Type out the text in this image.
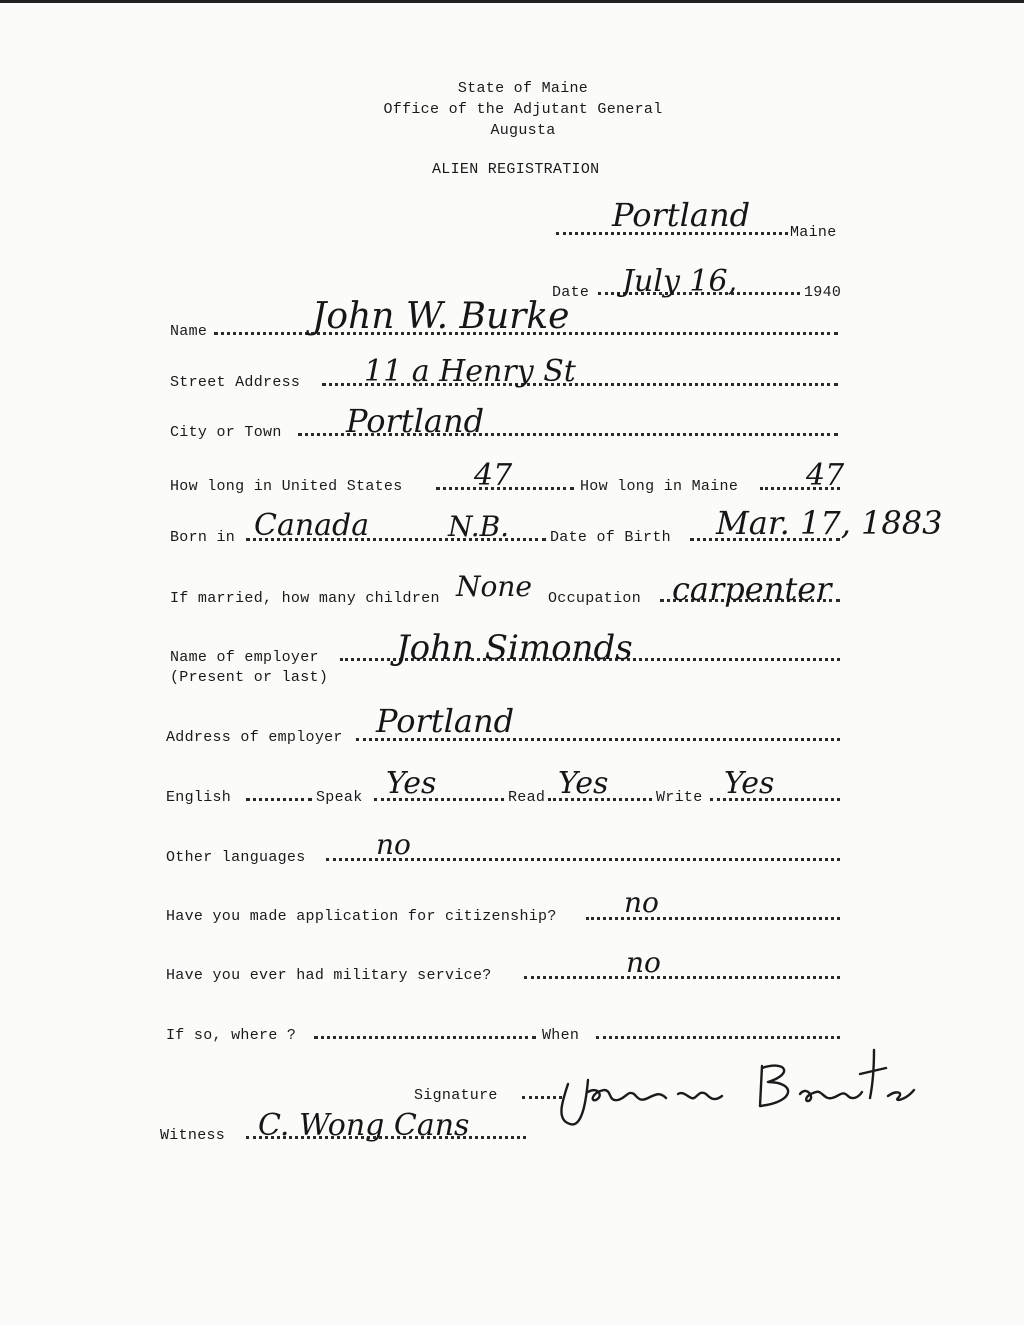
State of Maine
Office of the Adjutant General
Augusta
ALIEN REGISTRATION
Portland	Maine
Date July 16,	1940
Name	John W. Burke
Street Address 11 a Henry St
City or Town Portland
How long in United States 47	How long in Maine 47
Born in Canada	N.B.	Date of Birth Mar. 17, 1883
If married, how many children None Occupation carpenter
Name of employer
(Present or last)
John Simonds
Address of employer Portland
English	Speak Yes	Read Yes	Write Yes
Other languages	no
Have you made application for citizenship? no
Have you ever had military service?	no
If so, where ?	When
Signature
Witness C. Wong Cans
